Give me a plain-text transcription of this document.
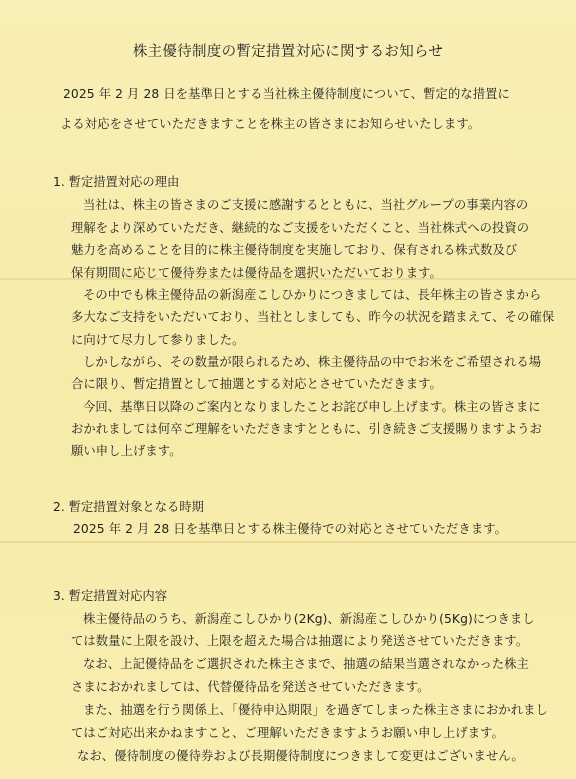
株主優待制度の暫定措置対応に関するお知らせ
2025 年 2 月 28 日を基準日とする当社株主優待制度について、暫定的な措置に
よる対応をさせていただきますことを株主の皆さまにお知らせいたします。
1. 暫定措置対応の理由
当社は、株主の皆さまのご支援に感謝するとともに、当社グループの事業内容の
理解をより深めていただき、継続的なご支援をいただくこと、当社株式への投資の
魅力を高めることを目的に株主優待制度を実施しており、保有される株式数及び
保有期間に応じて優待券または優待品を選択いただいております。
その中でも株主優待品の新潟産こしひかりにつきましては、長年株主の皆さまから
多大なご支持をいただいており、当社としましても、昨今の状況を踏まえて、その確保
に向けて尽力して参りました。
しかしながら、その数量が限られるため、株主優待品の中でお米をご希望される場
合に限り、暫定措置として抽選とする対応とさせていただきます。
今回、基準日以降のご案内となりましたことお詫び申し上げます。株主の皆さまに
おかれましては何卒ご理解をいただきますとともに、引き続きご支援賜りますようお
願い申し上げます。
2. 暫定措置対象となる時期
2025 年 2 月 28 日を基準日とする株主優待での対応とさせていただきます。
3. 暫定措置対応内容
株主優待品のうち、新潟産こしひかり(2Kg)、新潟産こしひかり(5Kg)につきまし
ては数量に上限を設け、上限を超えた場合は抽選により発送させていただきます。
なお、上記優待品をご選択された株主さまで、抽選の結果当選されなかった株主
さまにおかれましては、代替優待品を発送させていただきます。
また、抽選を行う関係上、「優待申込期限」を過ぎてしまった株主さまにおかれまし
てはご対応出来かねますこと、ご理解いただきますようお願い申し上げます。
なお、優待制度の優待券および長期優待制度につきまして変更はございません。
